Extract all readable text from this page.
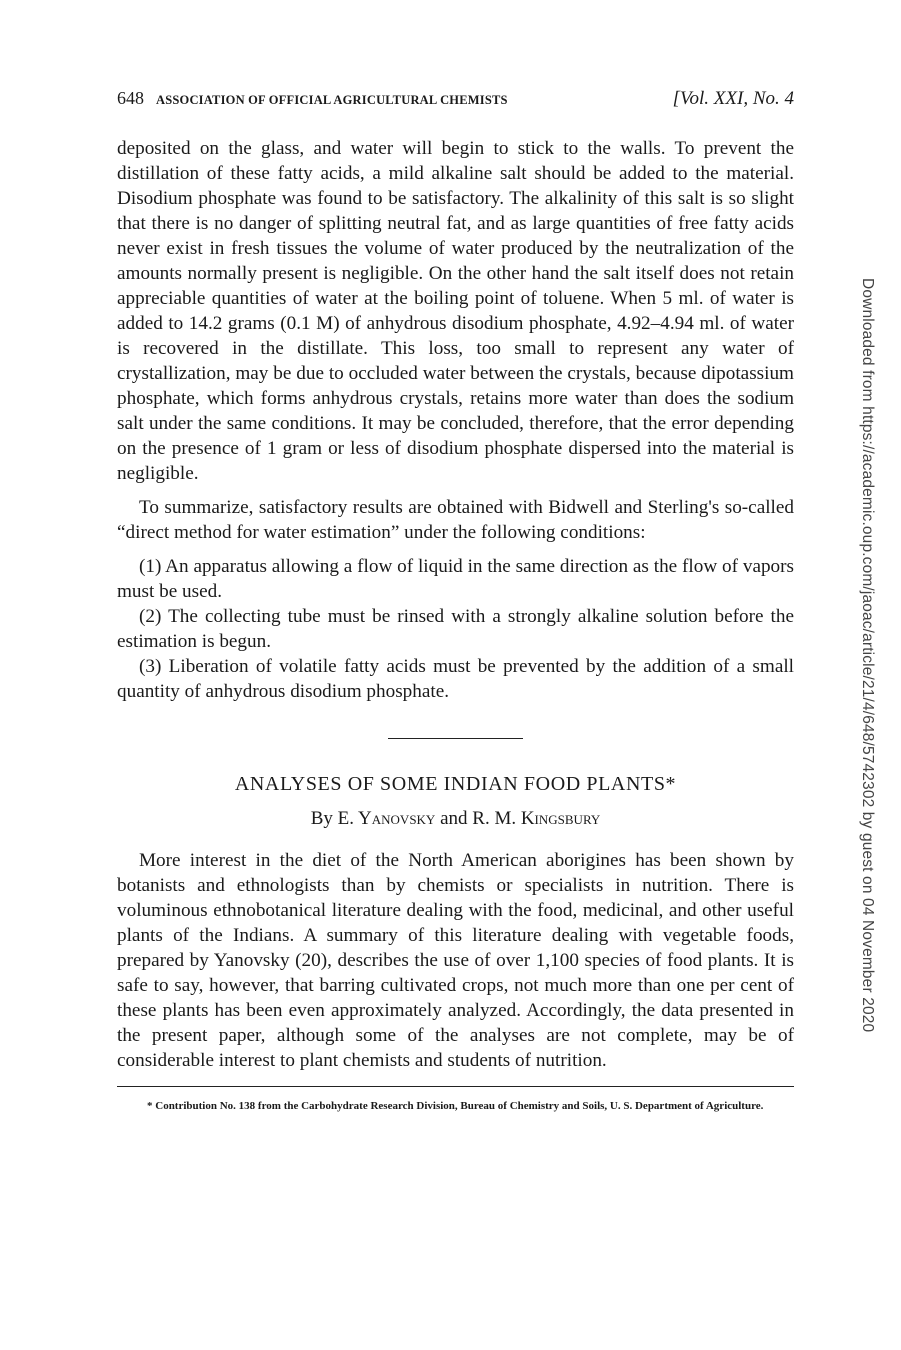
648 ASSOCIATION OF OFFICIAL AGRICULTURAL CHEMISTS	[Vol. XXI, No. 4

deposited on the glass, and water will begin to stick to the walls. To prevent the distillation of these fatty acids, a mild alkaline salt should be added to the material. Disodium phosphate was found to be satisfactory. The alkalinity of this salt is so slight that there is no danger of splitting neutral fat, and as large quantities of free fatty acids never exist in fresh tissues the volume of water produced by the neutralization of the amounts normally present is negligible. On the other hand the salt itself does not retain appreciable quantities of water at the boiling point of toluene. When 5 ml. of water is added to 14.2 grams (0.1 M) of anhydrous disodium phosphate, 4.92–4.94 ml. of water is recovered in the distillate. This loss, too small to represent any water of crystallization, may be due to occluded water between the crystals, because dipotassium phosphate, which forms anhydrous crystals, retains more water than does the sodium salt under the same conditions. It may be concluded, therefore, that the error depending on the presence of 1 gram or less of disodium phosphate dispersed into the material is negligible.

To summarize, satisfactory results are obtained with Bidwell and Sterling's so-called “direct method for water estimation” under the following conditions:

(1) An apparatus allowing a flow of liquid in the same direction as the flow of vapors must be used.

(2) The collecting tube must be rinsed with a strongly alkaline solution before the estimation is begun.

(3) Liberation of volatile fatty acids must be prevented by the addition of a small quantity of anhydrous disodium phosphate.

ANALYSES OF SOME INDIAN FOOD PLANTS*
By E. Yanovsky and R. M. Kingsbury

More interest in the diet of the North American aborigines has been shown by botanists and ethnologists than by chemists or specialists in nutrition. There is voluminous ethnobotanical literature dealing with the food, medicinal, and other useful plants of the Indians. A summary of this literature dealing with vegetable foods, prepared by Yanovsky (20), describes the use of over 1,100 species of food plants. It is safe to say, however, that barring cultivated crops, not much more than one per cent of these plants has been even approximately analyzed. Accordingly, the data presented in the present paper, although some of the analyses are not complete, may be of considerable interest to plant chemists and students of nutrition.

* Contribution No. 138 from the Carbohydrate Research Division, Bureau of Chemistry and Soils, U. S. Department of Agriculture.

Downloaded from https://academic.oup.com/jaoac/article/21/4/648/5742302 by guest on 04 November 2020
